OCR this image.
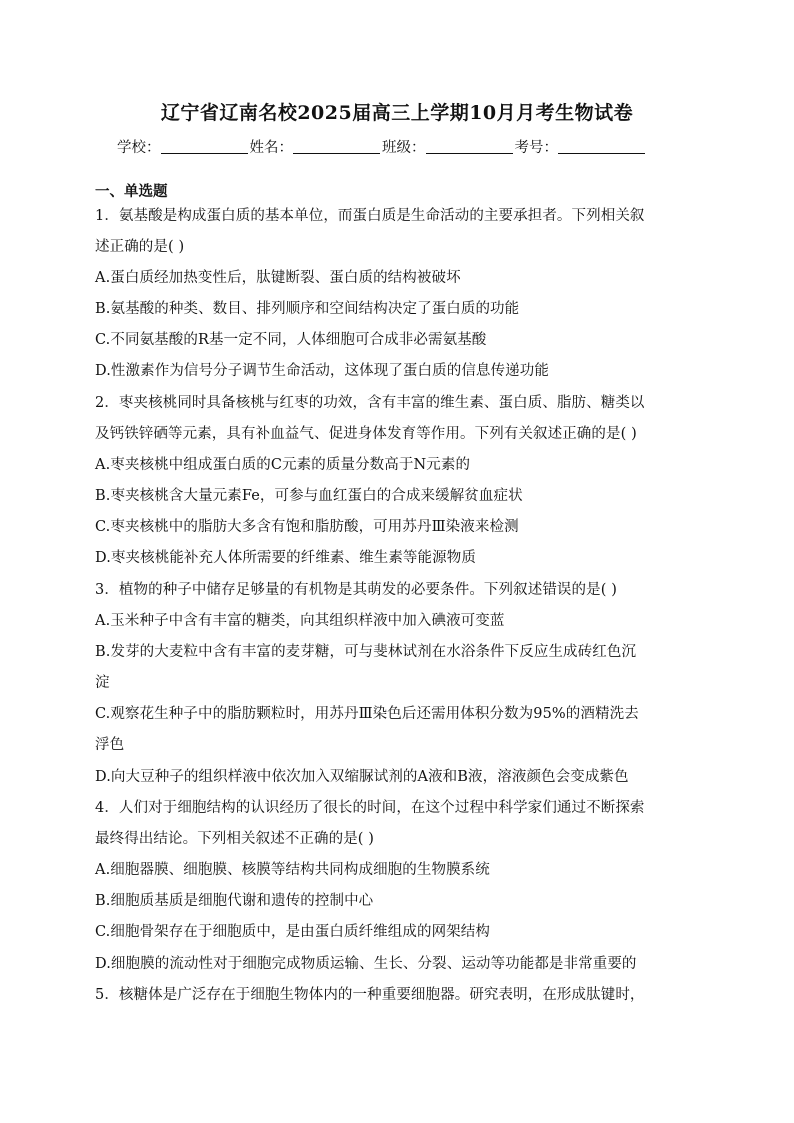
辽宁省辽南名校2025届高三上学期10月月考生物试卷
学校：	姓名：	班级：	考号：
一、单选题
1．氨基酸是构成蛋白质的基本单位，而蛋白质是生命活动的主要承担者。下列相关叙
述正确的是( )
A.蛋白质经加热变性后，肽键断裂、蛋白质的结构被破坏
B.氨基酸的种类、数目、排列顺序和空间结构决定了蛋白质的功能
C.不同氨基酸的R基一定不同，人体细胞可合成非必需氨基酸
D.性激素作为信号分子调节生命活动，这体现了蛋白质的信息传递功能
2．枣夹核桃同时具备核桃与红枣的功效，含有丰富的维生素、蛋白质、脂肪、糖类以
及钙铁锌硒等元素，具有补血益气、促进身体发育等作用。下列有关叙述正确的是( )
A.枣夹核桃中组成蛋白质的C元素的质量分数高于N元素的
B.枣夹核桃含大量元素Fe，可参与血红蛋白的合成来缓解贫血症状
C.枣夹核桃中的脂肪大多含有饱和脂肪酸，可用苏丹Ⅲ染液来检测
D.枣夹核桃能补充人体所需要的纤维素、维生素等能源物质
3．植物的种子中储存足够量的有机物是其萌发的必要条件。下列叙述错误的是( )
A.玉米种子中含有丰富的糖类，向其组织样液中加入碘液可变蓝
B.发芽的大麦粒中含有丰富的麦芽糖，可与斐林试剂在水浴条件下反应生成砖红色沉
淀
C.观察花生种子中的脂肪颗粒时，用苏丹Ⅲ染色后还需用体积分数为95%的酒精洗去
浮色
D.向大豆种子的组织样液中依次加入双缩脲试剂的A液和B液，溶液颜色会变成紫色
4．人们对于细胞结构的认识经历了很长的时间，在这个过程中科学家们通过不断探索
最终得出结论。下列相关叙述不正确的是( )
A.细胞器膜、细胞膜、核膜等结构共同构成细胞的生物膜系统
B.细胞质基质是细胞代谢和遗传的控制中心
C.细胞骨架存在于细胞质中，是由蛋白质纤维组成的网架结构
D.细胞膜的流动性对于细胞完成物质运输、生长、分裂、运动等功能都是非常重要的
5．核糖体是广泛存在于细胞生物体内的一种重要细胞器。研究表明，在形成肽键时，
